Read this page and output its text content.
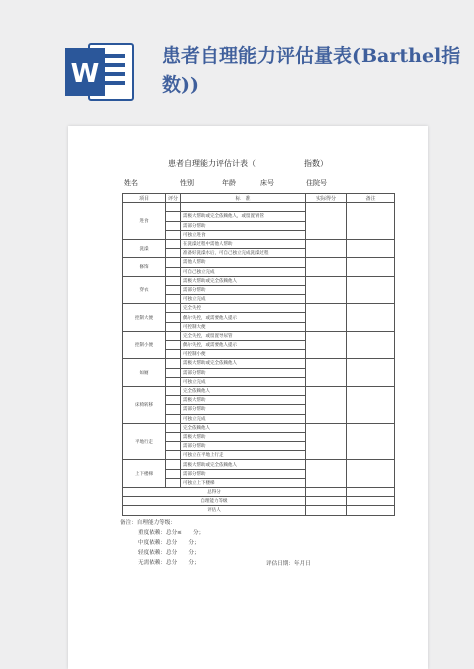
W
患者自理能力评估量表(Barthel指数))
患者自理能力评估计表（	指数）
姓名	性别	年龄	床号	住院号
项目	评分	标　准	实际得分	备注
进食				
		需极大帮助或完全依赖他人，或留置胃管		
		需部分帮助		
		可独立进食		
洗澡		在洗澡过程中需他人帮助		
		准备好洗澡水后，可自己独立完成洗澡过程		
修饰		需他人帮助		
		可自己独立完成		
穿衣		需极大帮助或完全依赖他人		
		需部分帮助		
		可独立完成		
控制大便		完全失控		
		偶尔失控，或需要他人提示		
		可控制大便		
控制小便		完全失控，或留置导尿管		
		偶尔失控，或需要他人提示		
		可控制小便		
如厕		需极大帮助或完全依赖他人		
		需部分帮助		
		可独立完成		
床椅转移		完全依赖他人		
		需极大帮助		
		需部分帮助		
		可独立完成		
平地行走		完全依赖他人		
		需极大帮助		
		需部分帮助		
		可独立在平地上行走		
上下楼梯		需极大帮助或完全依赖他人		
		需部分帮助		
		可独立上下楼梯		
总得分				
自理能力等级				
评估人				
备注：自理能力等级：
重度依赖：总分≤　　分；
中度依赖：总分　　分；
轻度依赖：总分　　分；
无需依赖：总分　　分；	评估日期：年月日
